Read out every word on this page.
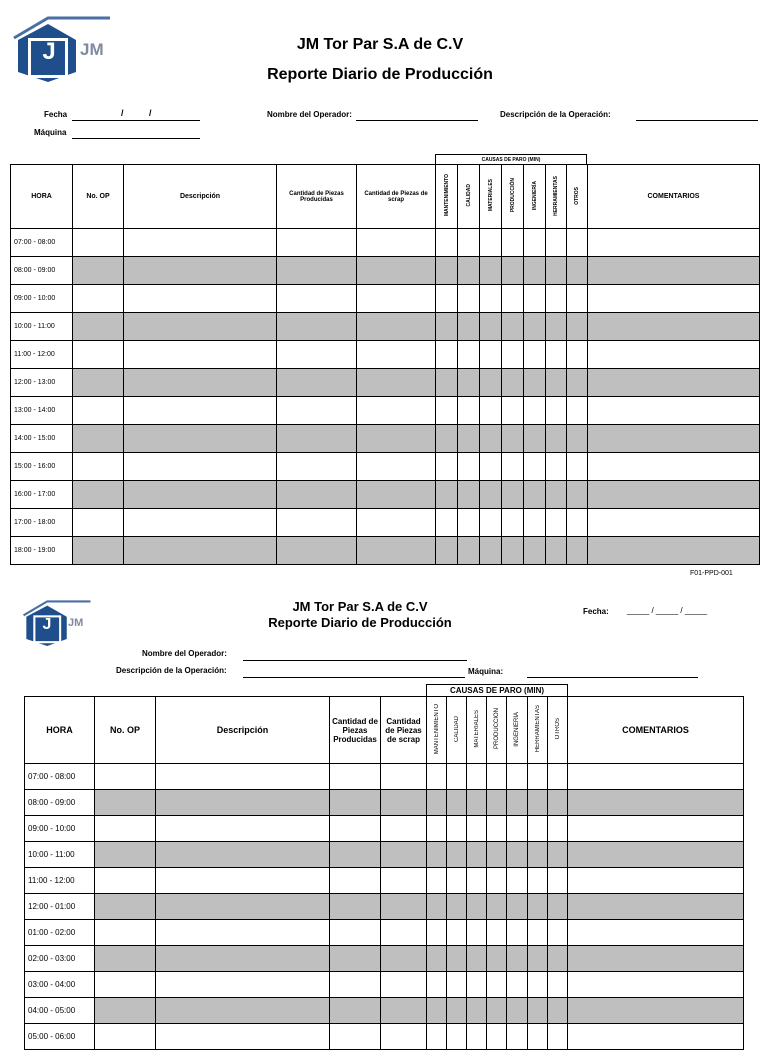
J	JM	JM Tor Par S.A de C.V
Reporte Diario de Producción
Fecha	/	/
Máquina
Nombre del Operador:	Descripción de la Operación:
CAUSAS DE PARO (MIN)
HORA	No. OP	Descripción	Cantidad de Piezas Producidas	Cantidad de Piezas de scrap	MANTENIMIENTO	CALIDAD	MATERIALES	PRODUCCIÓN	INGENIERÍA	HERRAMIENTAS	OTROS	COMENTARIOS
07:00 - 08:00												
08:00 - 09:00												
09:00 - 10:00												
10:00 - 11:00												
11:00 - 12:00												
12:00 - 13:00												
13:00 - 14:00												
14:00 - 15:00												
15:00 - 16:00												
16:00 - 17:00												
17:00 - 18:00												
18:00 - 19:00												
F01-PPD-001
J	JM
JM Tor Par S.A de C.V
Reporte Diario de Producción
Fecha: _____ / _____ / _____
Nombre del Operador:
Descripción de la Operación:	Máquina:
CAUSAS DE PARO (MIN)
HORA	No. OP	Descripción	Cantidad de Piezas Producidas	Cantidad de Piezas de scrap	MANTENIMIENTO	CALIDAD	MATERIALES	PRODUCCIÓN	INGENIERÍA	HERRAMIENTAS	OTROS	COMENTARIOS
07:00 - 08:00												
08:00 - 09:00												
09:00 - 10:00												
10:00 - 11:00												
11:00 - 12:00												
12:00 - 01:00												
01:00 - 02:00												
02:00 - 03:00												
03:00 - 04:00												
04:00 - 05:00												
05:00 - 06:00												
